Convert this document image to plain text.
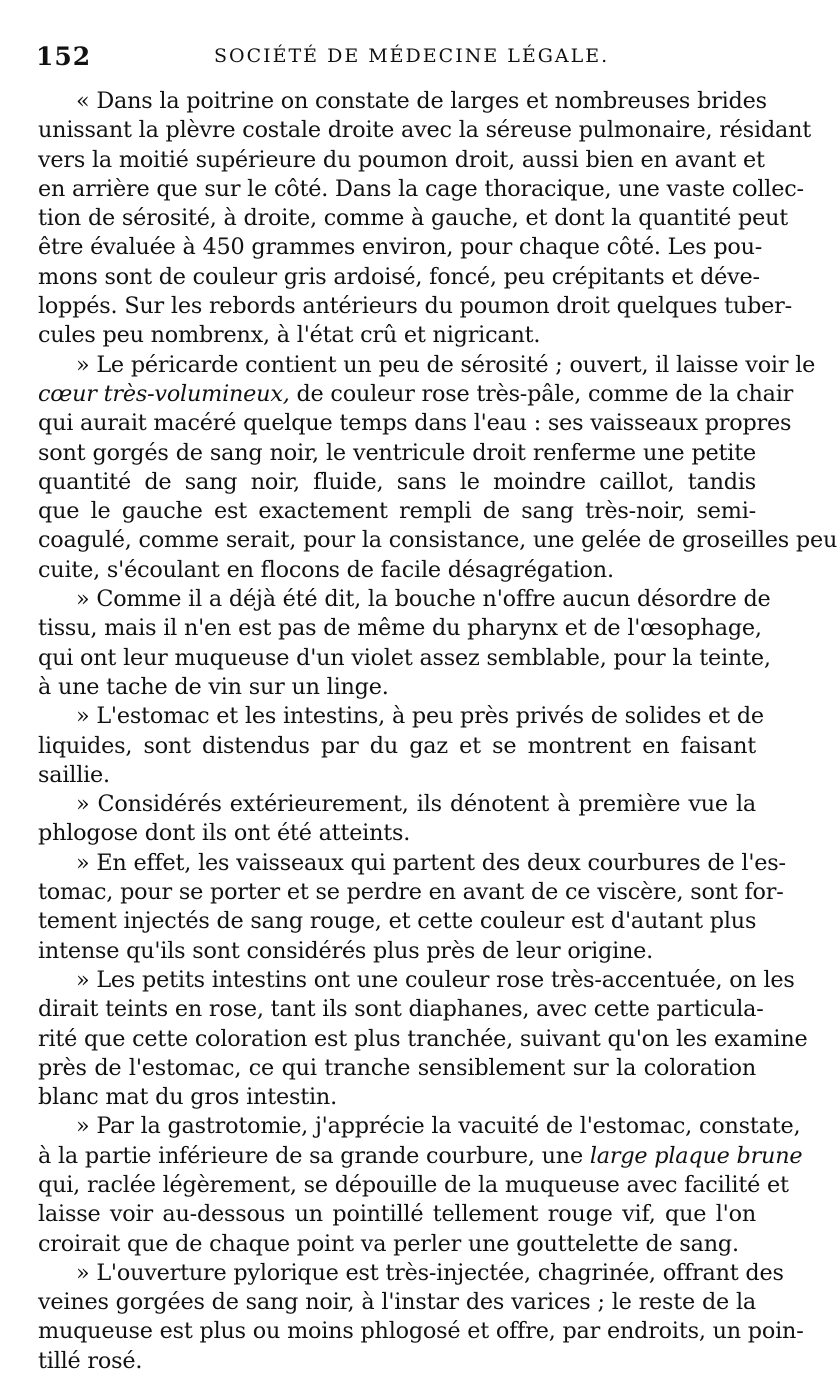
152	SOCIÉTÉ DE MÉDECINE LÉGALE.
« Dans la poitrine on constate de larges et nombreuses brides
unissant la plèvre costale droite avec la séreuse pulmonaire, résidant
vers la moitié supérieure du poumon droit, aussi bien en avant et
en arrière que sur le côté. Dans la cage thoracique, une vaste collec-
tion de sérosité, à droite, comme à gauche, et dont la quantité peut
être évaluée à 450 grammes environ, pour chaque côté. Les pou-
mons sont de couleur gris ardoisé, foncé, peu crépitants et déve-
loppés. Sur les rebords antérieurs du poumon droit quelques tuber-
cules peu nombrenx, à l'état crû et nigricant.
» Le péricarde contient un peu de sérosité ; ouvert, il laisse voir le
cœur très-volumineux, de couleur rose très-pâle, comme de la chair
qui aurait macéré quelque temps dans l'eau : ses vaisseaux propres
sont gorgés de sang noir, le ventricule droit renferme une petite
quantité de sang noir, fluide, sans le moindre caillot, tandis
que le gauche est exactement rempli de sang très-noir, semi-
coagulé, comme serait, pour la consistance, une gelée de groseilles peu
cuite, s'écoulant en flocons de facile désagrégation.
» Comme il a déjà été dit, la bouche n'offre aucun désordre de
tissu, mais il n'en est pas de même du pharynx et de l'œsophage,
qui ont leur muqueuse d'un violet assez semblable, pour la teinte,
à une tache de vin sur un linge.
» L'estomac et les intestins, à peu près privés de solides et de
liquides, sont distendus par du gaz et se montrent en faisant
saillie.
» Considérés extérieurement, ils dénotent à première vue la
phlogose dont ils ont été atteints.
» En effet, les vaisseaux qui partent des deux courbures de l'es-
tomac, pour se porter et se perdre en avant de ce viscère, sont for-
tement injectés de sang rouge, et cette couleur est d'autant plus
intense qu'ils sont considérés plus près de leur origine.
» Les petits intestins ont une couleur rose très-accentuée, on les
dirait teints en rose, tant ils sont diaphanes, avec cette particula-
rité que cette coloration est plus tranchée, suivant qu'on les examine
près de l'estomac, ce qui tranche sensiblement sur la coloration
blanc mat du gros intestin.
» Par la gastrotomie, j'apprécie la vacuité de l'estomac, constate,
à la partie inférieure de sa grande courbure, une large plaque brune
qui, raclée légèrement, se dépouille de la muqueuse avec facilité et
laisse voir au-dessous un pointillé tellement rouge vif, que l'on
croirait que de chaque point va perler une gouttelette de sang.
» L'ouverture pylorique est très-injectée, chagrinée, offrant des
veines gorgées de sang noir, à l'instar des varices ; le reste de la
muqueuse est plus ou moins phlogosé et offre, par endroits, un poin-
tillé rosé.
